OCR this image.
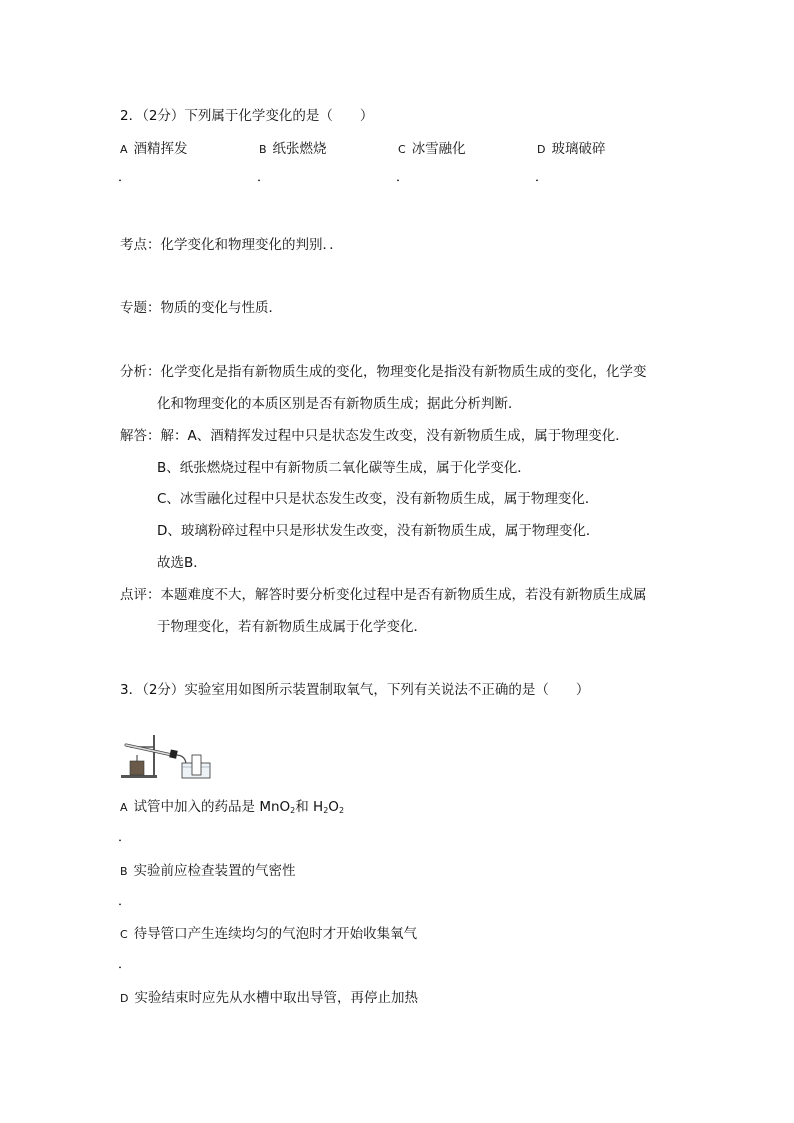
2．（2分）下列属于化学变化的是（　　）
A 酒精挥发	B 纸张燃烧	C 冰雪融化	D 玻璃破碎
．	．	．	．
考点：化学变化和物理变化的判别．．
专题：物质的变化与性质．
分析：化学变化是指有新物质生成的变化，物理变化是指没有新物质生成的变化，化学变
化和物理变化的本质区别是否有新物质生成；据此分析判断．
解答：解：A、酒精挥发过程中只是状态发生改变，没有新物质生成，属于物理变化．
B、纸张燃烧过程中有新物质二氧化碳等生成，属于化学变化．
C、冰雪融化过程中只是状态发生改变，没有新物质生成，属于物理变化．
D、玻璃粉碎过程中只是形状发生改变，没有新物质生成，属于物理变化．
故选B．
点评：本题难度不大，解答时要分析变化过程中是否有新物质生成，若没有新物质生成属
于物理变化，若有新物质生成属于化学变化．
3．（2分）实验室用如图所示装置制取氧气，下列有关说法不正确的是（　　）
A 试管中加入的药品是 MnO$_2$和 $H_2O_2$
．
B 实验前应检查装置的气密性
．
C 待导管口产生连续均匀的气泡时才开始收集氧气
．
D 实验结束时应先从水槽中取出导管，再停止加热
